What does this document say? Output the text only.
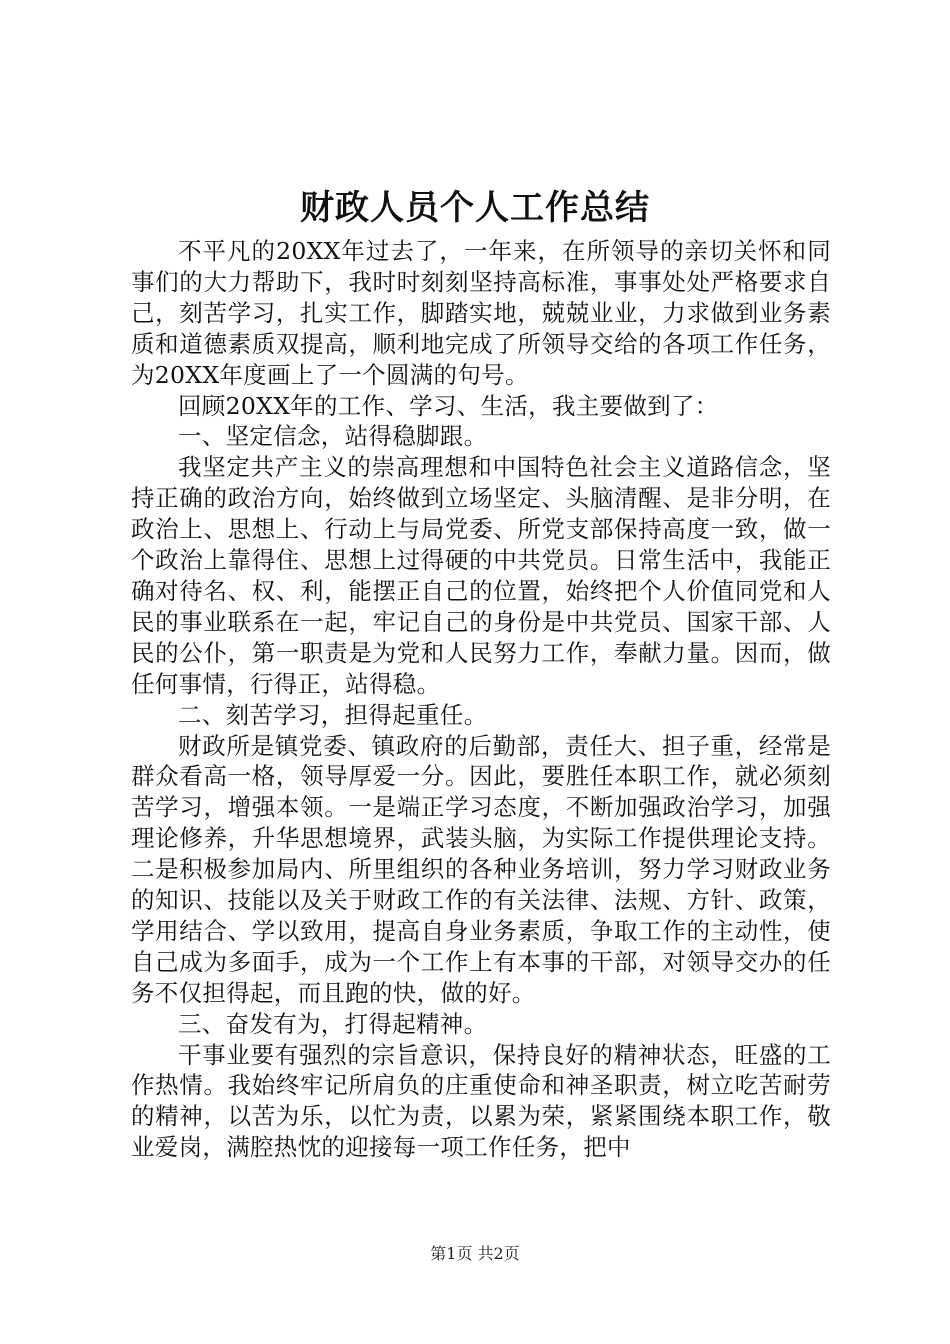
财政人员个人工作总结

不平凡的20XX年过去了，一年来，在所领导的亲切关怀和同事们的大力帮助下，我时时刻刻坚持高标准，事事处处严格要求自己，刻苦学习，扎实工作，脚踏实地，兢兢业业，力求做到业务素质和道德素质双提高，顺利地完成了所领导交给的各项工作任务，为20XX年度画上了一个圆满的句号。

回顾20XX年的工作、学习、生活，我主要做到了：

一、坚定信念，站得稳脚跟。

我坚定共产主义的崇高理想和中国特色社会主义道路信念，坚持正确的政治方向，始终做到立场坚定、头脑清醒、是非分明，在政治上、思想上、行动上与局党委、所党支部保持高度一致，做一个政治上靠得住、思想上过得硬的中共党员。日常生活中，我能正确对待名、权、利，能摆正自己的位置，始终把个人价值同党和人民的事业联系在一起，牢记自己的身份是中共党员、国家干部、人民的公仆，第一职责是为党和人民努力工作，奉献力量。因而，做任何事情，行得正，站得稳。

二、刻苦学习，担得起重任。

财政所是镇党委、镇政府的后勤部，责任大、担子重，经常是群众看高一格，领导厚爱一分。因此，要胜任本职工作，就必须刻苦学习，增强本领。一是端正学习态度，不断加强政治学习，加强理论修养，升华思想境界，武装头脑，为实际工作提供理论支持。二是积极参加局内、所里组织的各种业务培训，努力学习财政业务的知识、技能以及关于财政工作的有关法律、法规、方针、政策，学用结合、学以致用，提高自身业务素质，争取工作的主动性，使自己成为多面手，成为一个工作上有本事的干部，对领导交办的任务不仅担得起，而且跑的快，做的好。

三、奋发有为，打得起精神。

干事业要有强烈的宗旨意识，保持良好的精神状态，旺盛的工作热情。我始终牢记所肩负的庄重使命和神圣职责，树立吃苦耐劳的精神，以苦为乐，以忙为责，以累为荣，紧紧围绕本职工作，敬业爱岗，满腔热忱的迎接每一项工作任务，把中

第1页 共2页
